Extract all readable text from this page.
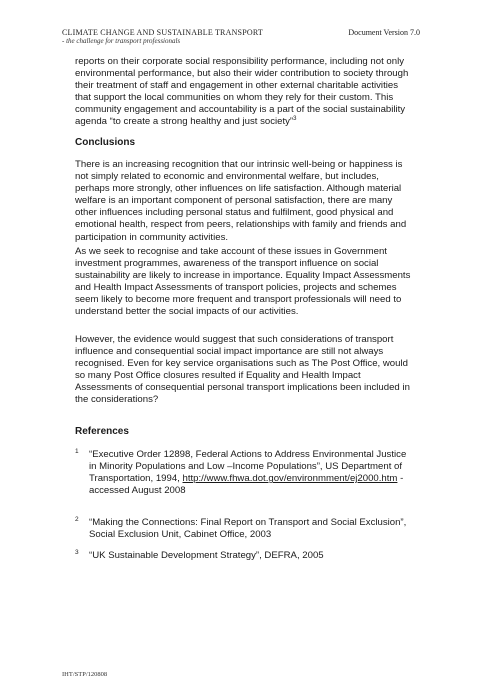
CLIMATE CHANGE AND SUSTAINABLE TRANSPORT
- the challenge for transport professionals
Document Version 7.0

reports on their corporate social responsibility performance, including not only environmental performance, but also their wider contribution to society through their treatment of staff and engagement in other external charitable activities that support the local communities on whom they rely for their custom. This community engagement and accountability is a part of the social sustainability agenda “to create a strong healthy and just society”$^3$

Conclusions

There is an increasing recognition that our intrinsic well-being or happiness is not simply related to economic and environmental welfare, but includes, perhaps more strongly, other influences on life satisfaction. Although material welfare is an important component of personal satisfaction, there are many other influences including personal status and fulfilment, good physical and emotional health, respect from peers, relationships with family and friends and participation in community activities.

As we seek to recognise and take account of these issues in Government investment programmes, awareness of the transport influence on social sustainability are likely to increase in importance. Equality Impact Assessments and Health Impact Assessments of transport policies, projects and schemes seem likely to become more frequent and transport professionals will need to understand better the social impacts of our activities.

However, the evidence would suggest that such considerations of transport influence and consequential social impact importance are still not always recognised. Even for key service organisations such as The Post Office, would so many Post Office closures resulted if Equality and Health Impact Assessments of consequential personal transport implications been included in the considerations?

References
1 “Executive Order 12898, Federal Actions to Address Environmental Justice in Minority Populations and Low –Income Populations”, US Department of Transportation, 1994, http://www.fhwa.dot.gov/environmment/ej2000.htm - accessed August 2008
2 “Making the Connections: Final Report on Transport and Social Exclusion”, Social Exclusion Unit, Cabinet Office, 2003
3 “UK Sustainable Development Strategy”, DEFRA, 2005
IHT/STP/120808
